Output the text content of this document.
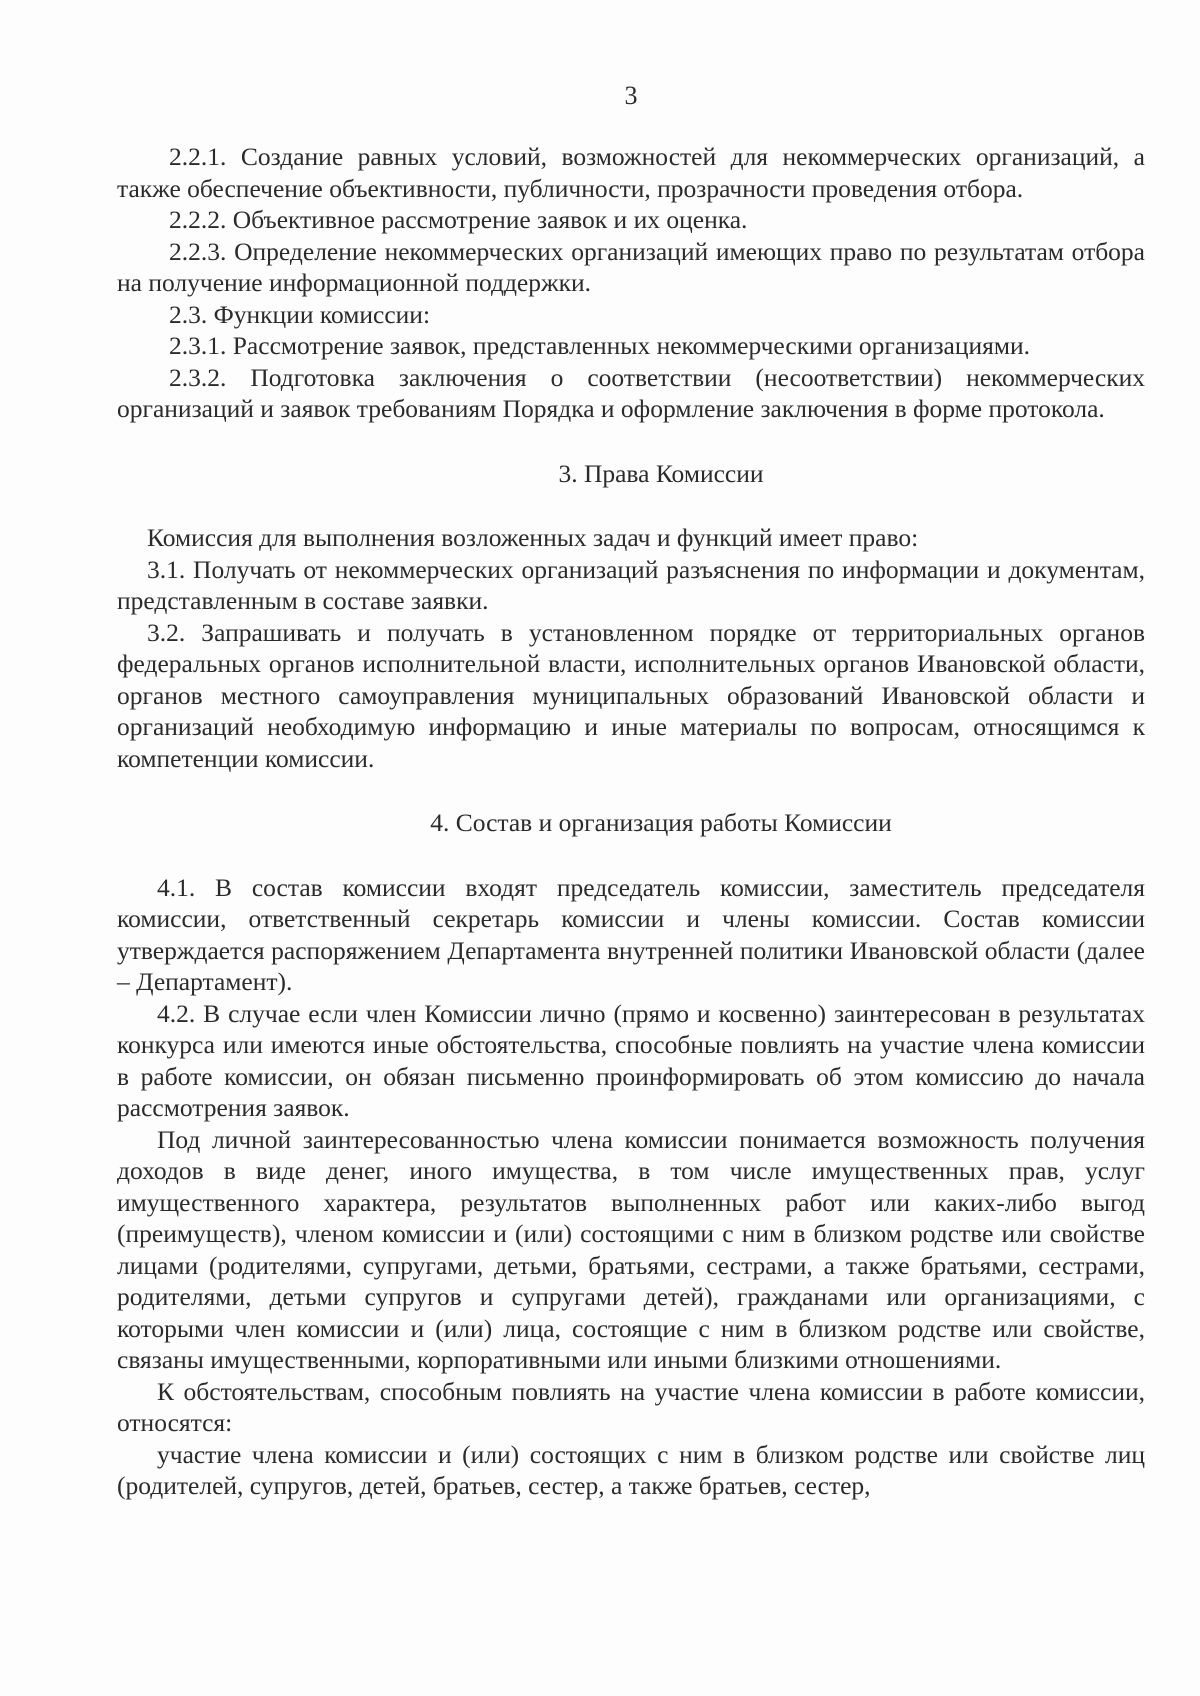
3

2.2.1. Создание равных условий, возможностей для некоммерческих организаций, а также обеспечение объективности, публичности, прозрачности проведения отбора.

2.2.2. Объективное рассмотрение заявок и их оценка.

2.2.3. Определение некоммерческих организаций имеющих право по результатам отбора на получение информационной поддержки.

2.3. Функции комиссии:

2.3.1. Рассмотрение заявок, представленных некоммерческими организациями.

2.3.2. Подготовка заключения о соответствии (несоответствии) некоммерческих организаций и заявок требованиям Порядка и оформление заключения в форме протокола.

3. Права Комиссии

Комиссия для выполнения возложенных задач и функций имеет право:

3.1. Получать от некоммерческих организаций разъяснения по информации и документам, представленным в составе заявки.

3.2. Запрашивать и получать в установленном порядке от территориальных органов федеральных органов исполнительной власти, исполнительных органов Ивановской области, органов местного самоуправления муниципальных образований Ивановской области и организаций необходимую информацию и иные материалы по вопросам, относящимся к компетенции комиссии.

4. Состав и организация работы Комиссии

4.1. В состав комиссии входят председатель комиссии, заместитель председателя комиссии, ответственный секретарь комиссии и члены комиссии. Состав комиссии утверждается распоряжением Департамента внутренней политики Ивановской области (далее – Департамент).

4.2. В случае если член Комиссии лично (прямо и косвенно) заинтересован в результатах конкурса или имеются иные обстоятельства, способные повлиять на участие члена комиссии в работе комиссии, он обязан письменно проинформировать об этом комиссию до начала рассмотрения заявок.

Под личной заинтересованностью члена комиссии понимается возможность получения доходов в виде денег, иного имущества, в том числе имущественных прав, услуг имущественного характера, результатов выполненных работ или каких-либо выгод (преимуществ), членом комиссии и (или) состоящими с ним в близком родстве или свойстве лицами (родителями, супругами, детьми, братьями, сестрами, а также братьями, сестрами, родителями, детьми супругов и супругами детей), гражданами или организациями, с которыми член комиссии и (или) лица, состоящие с ним в близком родстве или свойстве, связаны имущественными, корпоративными или иными близкими отношениями.

К обстоятельствам, способным повлиять на участие члена комиссии в работе комиссии, относятся:

участие члена комиссии и (или) состоящих с ним в близком родстве или свойстве лиц (родителей, супругов, детей, братьев, сестер, а также братьев, сестер,
